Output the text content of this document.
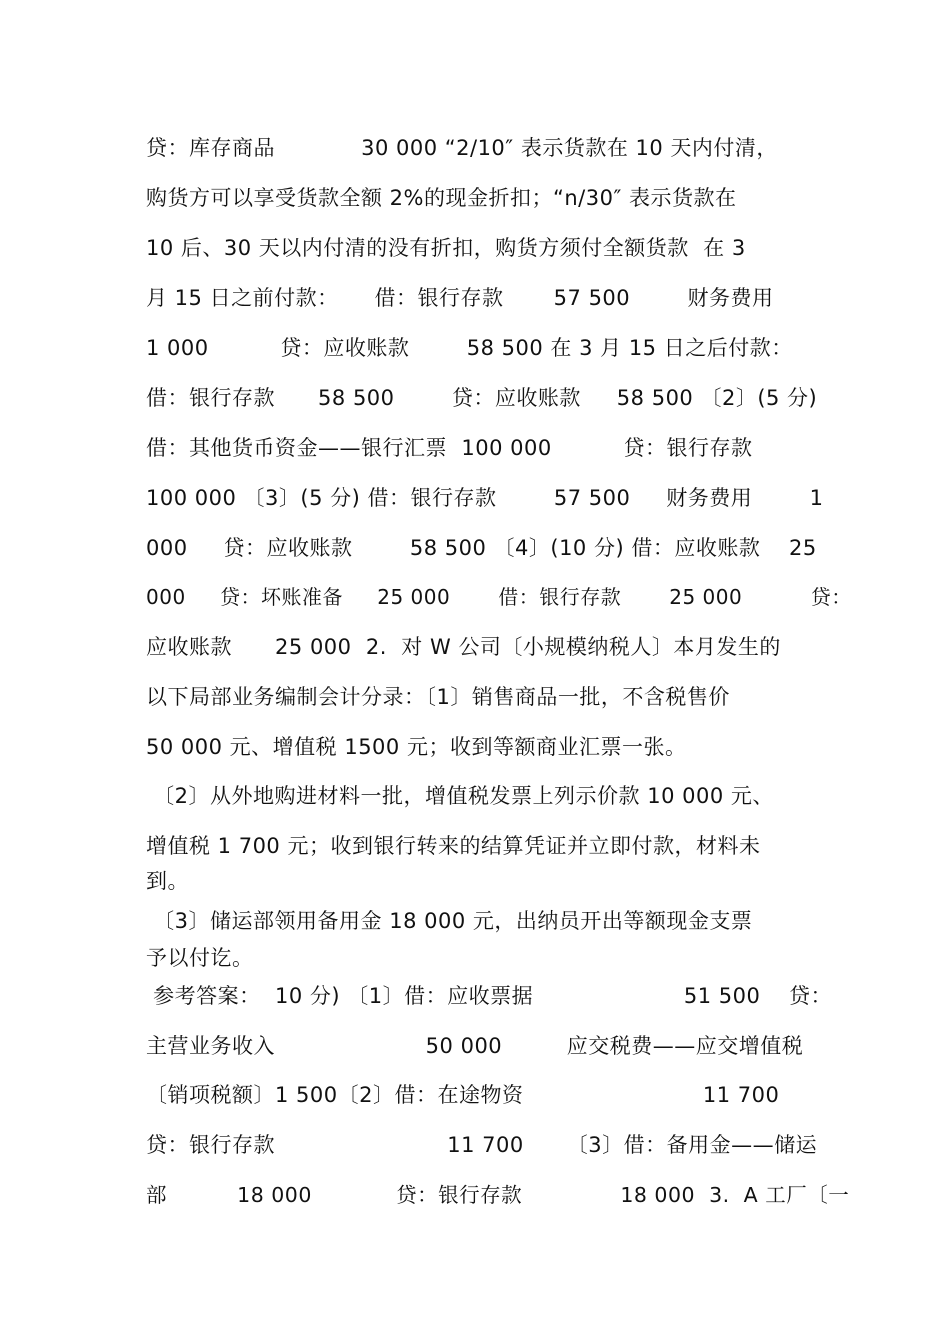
贷：库存商品            30 000 “2/10″ 表示货款在 10 天内付清，
购货方可以享受货款全额 2%的现金折扣；“n/30″ 表示货款在
10 后、30 天以内付清的没有折扣，购货方须付全额货款  在 3
月 15 日之前付款：     借：银行存款       57 500        财务费用
1 000          贷：应收账款        58 500 在 3 月 15 日之后付款：
借：银行存款      58 500        贷：应收账款     58 500 〔2〕(5 分)
借：其他货币资金——银行汇票  100 000          贷：银行存款
100 000 〔3〕(5 分) 借：银行存款        57 500     财务费用        1
000     贷：应收账款        58 500 〔4〕(10 分) 借：应收账款    25
000     贷：坏账准备     25 000       借：银行存款       25 000          贷：
应收账款      25 000  2.  对 W 公司〔小规模纳税人〕本月发生的
以下局部业务编制会计分录：〔1〕销售商品一批，不含税售价
50 000 元、增值税 1500 元；收到等额商业汇票一张。
〔2〕从外地购进材料一批，增值税发票上列示价款 10 000 元、
增值税 1 700 元；收到银行转来的结算凭证并立即付款，材料未
到。
〔3〕储运部领用备用金 18 000 元，出纳员开出等额现金支票
予以付讫。
参考答案：  10 分) 〔1〕借：应收票据                     51 500    贷：
主营业务收入                     50 000         应交税费——应交增值税
〔销项税额〕1 500〔2〕借：在途物资                         11 700
贷：银行存款                        11 700      〔3〕借：备用金——储运
部          18 000            贷：银行存款              18 000  3.  A 工厂〔一
